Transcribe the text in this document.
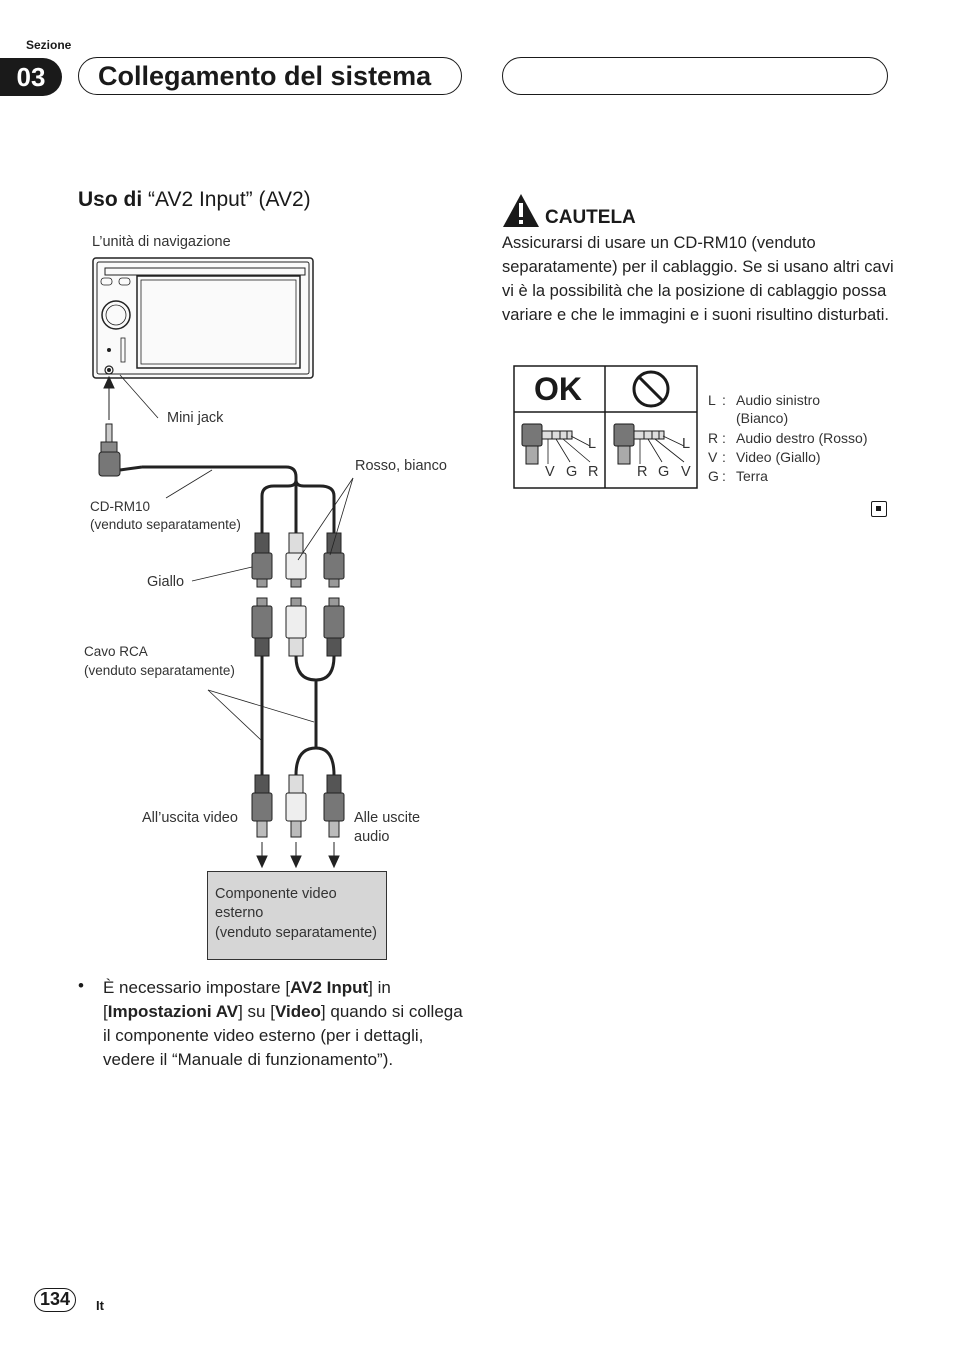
Sezione
03	Collegamento del sistema
Uso di “AV2 Input” (AV2)
L’unità di navigazione
Mini jack
Rosso, bianco
CD-RM10
(venduto separatamente)
Giallo
Cavo RCA
(venduto separatamente)
All’uscita video	Alle uscite
audio
Componente video
esterno
(venduto separatamente)
CAUTELA
Assicurarsi di usare un CD-RM10 (venduto separatamente) per il cablaggio. Se si usano altri cavi vi è la possibilità che la posizione di cablaggio possa variare e che le immagini e i suoni risultino disturbati.
OK
L
V G R
L
R G V
L : Audio sinistro
(Bianco)
R : Audio destro (Rosso)
V : Video (Giallo)
G : Terra
• È necessario impostare [AV2 Input] in [Impostazioni AV] su [Video] quando si collega il componente video esterno (per i dettagli, vedere il “Manuale di funzionamento”).
134	It
